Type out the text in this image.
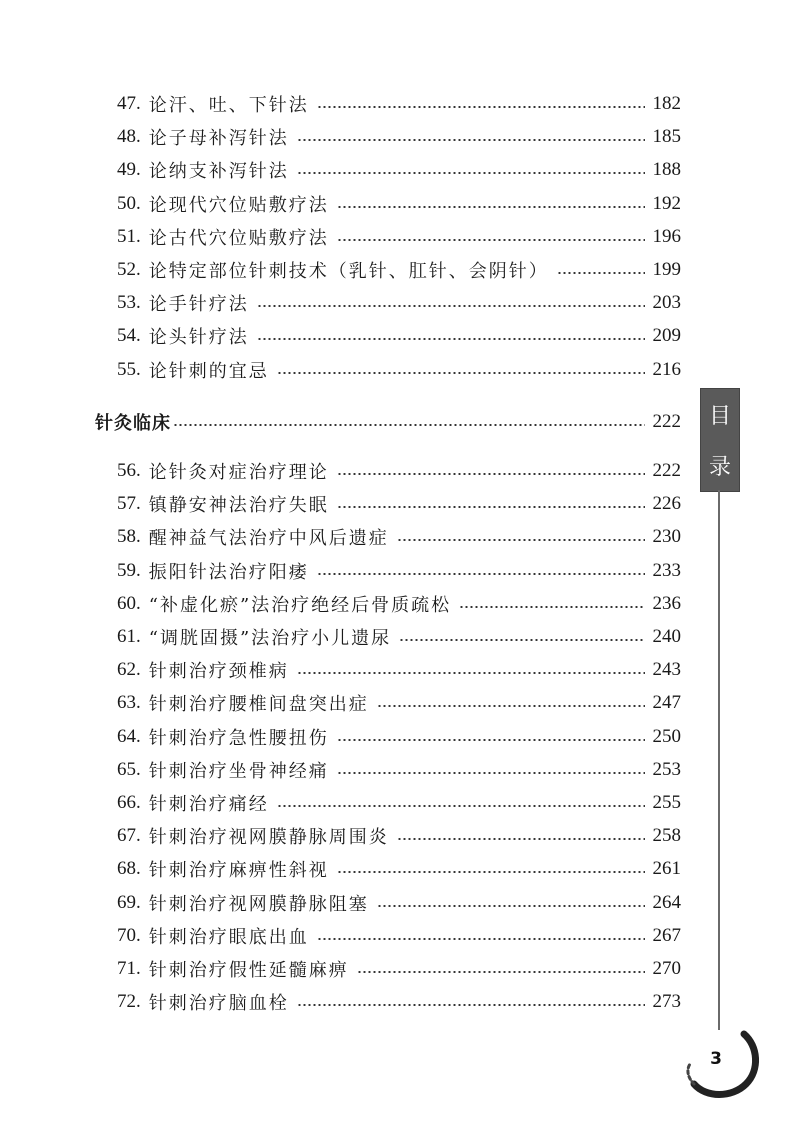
47. 论汗、吐、下针法	182
48. 论子母补泻针法	185
49. 论纳支补泻针法	188
50. 论现代穴位贴敷疗法	192
51. 论古代穴位贴敷疗法	196
52. 论特定部位针刺技术（乳针、肛针、会阴针）	199
53. 论手针疗法	203
54. 论头针疗法	209
55. 论针刺的宜忌	216
针灸临床	222
56. 论针灸对症治疗理论	222
57. 镇静安神法治疗失眠	226
58. 醒神益气法治疗中风后遗症	230
59. 振阳针法治疗阳痿	233
60. “补虚化瘀”法治疗绝经后骨质疏松	236
61. “调胱固摄”法治疗小儿遗尿	240
62. 针刺治疗颈椎病	243
63. 针刺治疗腰椎间盘突出症	247
64. 针刺治疗急性腰扭伤	250
65. 针刺治疗坐骨神经痛	253
66. 针刺治疗痛经	255
67. 针刺治疗视网膜静脉周围炎	258
68. 针刺治疗麻痹性斜视	261
69. 针刺治疗视网膜静脉阻塞	264
70. 针刺治疗眼底出血	267
71. 针刺治疗假性延髓麻痹	270
72. 针刺治疗脑血栓	273
目
录
3
